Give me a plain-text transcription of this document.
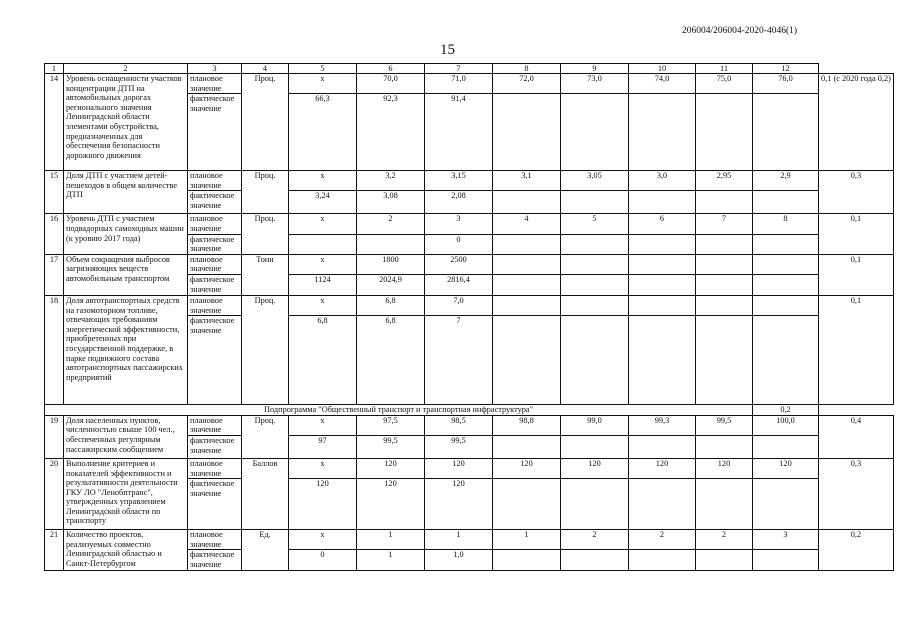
206004/206004-2020-4046(1)
15
1	2	3	4	5	6	7	8	9	10	11	12	
14	Уровень оснащенности участков концентрации ДТП на автомобильных дорогах регионального значения Ленинградской области элементами обустройства, предназначенных для обеспечения безопасности дорожного движения	плановое значение	Проц.	x	70,0	71,0	72,0	73,0	74,0	75,0	76,0	0,1 (с 2020 года 0,2)
		фактическое значение		66,3	92,3	91,4						
15	Доля ДТП с участием детей-пешеходов в общем количестве ДТП	плановое значение	Проц.	x	3,2	3,15	3,1	3,05	3,0	2,95	2,9	0,3
		фактическое значение		3,24	3,08	2,08						
16	Уровень ДТП с участием подвадорных самоходных машин (к уровню 2017 года)	плановое значение	Проц.	x	2	3	4	5	6	7	8	0,1
		фактическое значение				0						
17	Объем сокращения выбросов загрязняющих веществ автомобильным транспортом	плановое значение	Тонн	x	1800	2500						0,1
		фактическое значение		1124	2024,9	2816,4						
18	Доля автотранспортных средств на газомоторном топливе, отвечающих требованиям энергетической эффективности, приобретенных при государственной поддержке, в парке подвижного состава автотранспортных пассажирских предприятий	плановое значение	Проц.	x	6,8	7,0						0,1
		фактическое значение		6,8	6,8	7						
Подпрограмма "Общественный транспорт и транспортная инфраструктура"											0,2	
19	Доля населенных пунктов, численностью свыше 100 чел., обеспеченных регулярным пассажирским сообщением	плановое значение	Проц.	x	97,5	98,5	98,8	99,0	99,3	99,5	100,0	0,4
		фактическое значение		97	99,5	99,5						
20	Выполнение критериев и показателей эффективности и результативности деятельности ГКУ ЛО "Ленобптранс", утвержденных управлением Ленинградской области по транспорту	плановое значение	Баллов	x	120	120	120	120	120	120	120	0,3
		фактическое значение		120	120	120						
21	Количество проектов, реализуемых совместно Ленинградской областью и Санкт-Петербургом	плановое значение	Ед.	x	1	1	1	2	2	2	3	0,2
		фактическое значение		0	1	1,0						
